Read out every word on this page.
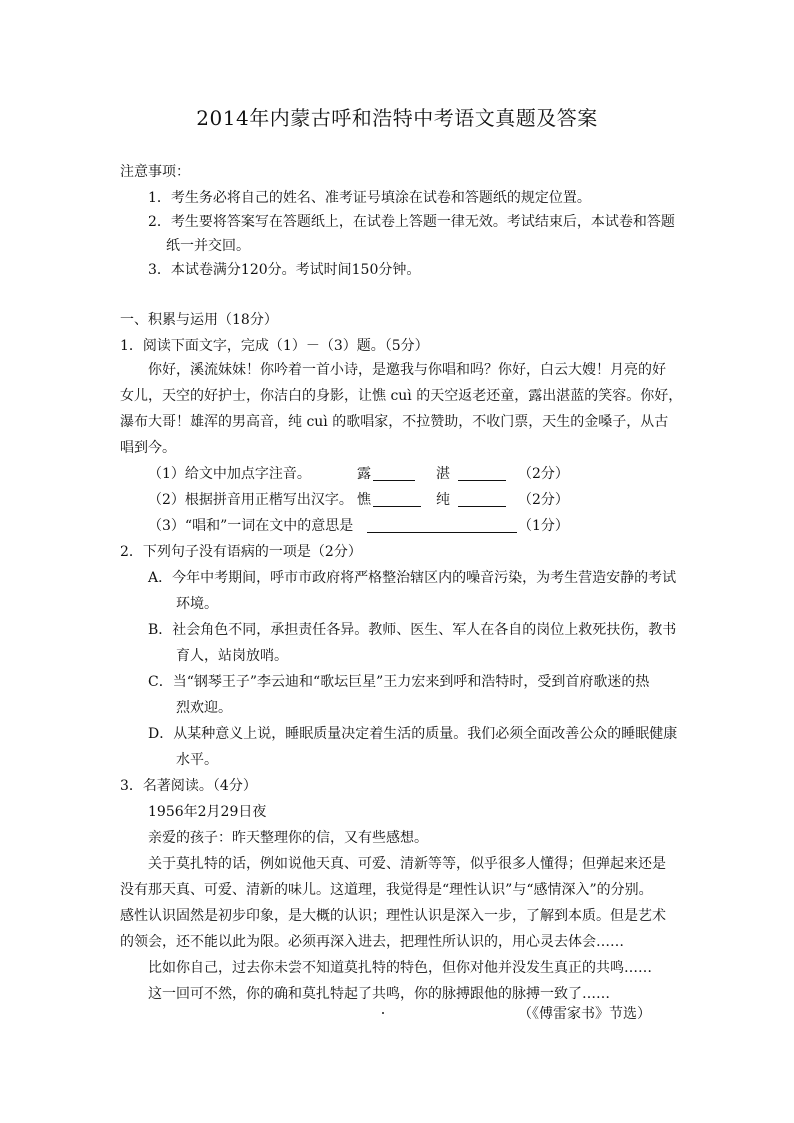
2014年内蒙古呼和浩特中考语文真题及答案
注意事项：
1．考生务必将自己的姓名、准考证号填涂在试卷和答题纸的规定位置。
2．考生要将答案写在答题纸上，在试卷上答题一律无效。考试结束后，本试卷和答题
纸一并交回。
3．本试卷满分120分。考试时间150分钟。
一、积累与运用（18分）
1．阅读下面文字，完成（1）－（3）题。（5分）
你好，溪流妹妹！你吟着一首小诗，是邀我与你唱和吗？你好，白云大嫂！月亮的好
女儿，天空的好护士，你洁白的身影，让憔 cuì 的天空返老还童，露出湛蓝的笑容。你好，
瀑布大哥！雄浑的男高音，纯 cuì 的歌唱家，不拉赞助，不收门票，天生的金嗓子，从古
唱到今。
（1）给文中加点字注音。	露	湛	（2分）
（2）根据拼音用正楷写出汉字。 憔	纯	（2分）
（3）“唱和”一词在文中的意思是	（1分）
2．下列句子没有语病的一项是（2分）
A．今年中考期间，呼市市政府将严格整治辖区内的噪音污染，为考生营造安静的考试
环境。
B．社会角色不同，承担责任各异。教师、医生、军人在各自的岗位上救死扶伤，教书
育人，站岗放哨。
C．当“钢琴王子”李云迪和“歌坛巨星”王力宏来到呼和浩特时，受到首府歌迷的热
烈欢迎。
D．从某种意义上说，睡眠质量决定着生活的质量。我们必须全面改善公众的睡眠健康
水平。
3．名著阅读。（4分）
1956年2月29日夜
亲爱的孩子：昨天整理你的信，又有些感想。
关于莫扎特的话，例如说他天真、可爱、清新等等，似乎很多人懂得；但弹起来还是
没有那天真、可爱、清新的味儿。这道理，我觉得是“理性认识”与“感情深入”的分别。
感性认识固然是初步印象，是大概的认识；理性认识是深入一步，了解到本质。但是艺术
的领会，还不能以此为限。必须再深入进去，把理性所认识的，用心灵去体会……
比如你自己，过去你未尝不知道莫扎特的特色，但你对他并没发生真正的共鸣……
这一回可不然，你的确和莫扎特起了共鸣，你的脉搏跟他的脉搏一致了……
（《傅雷家书》节选）
